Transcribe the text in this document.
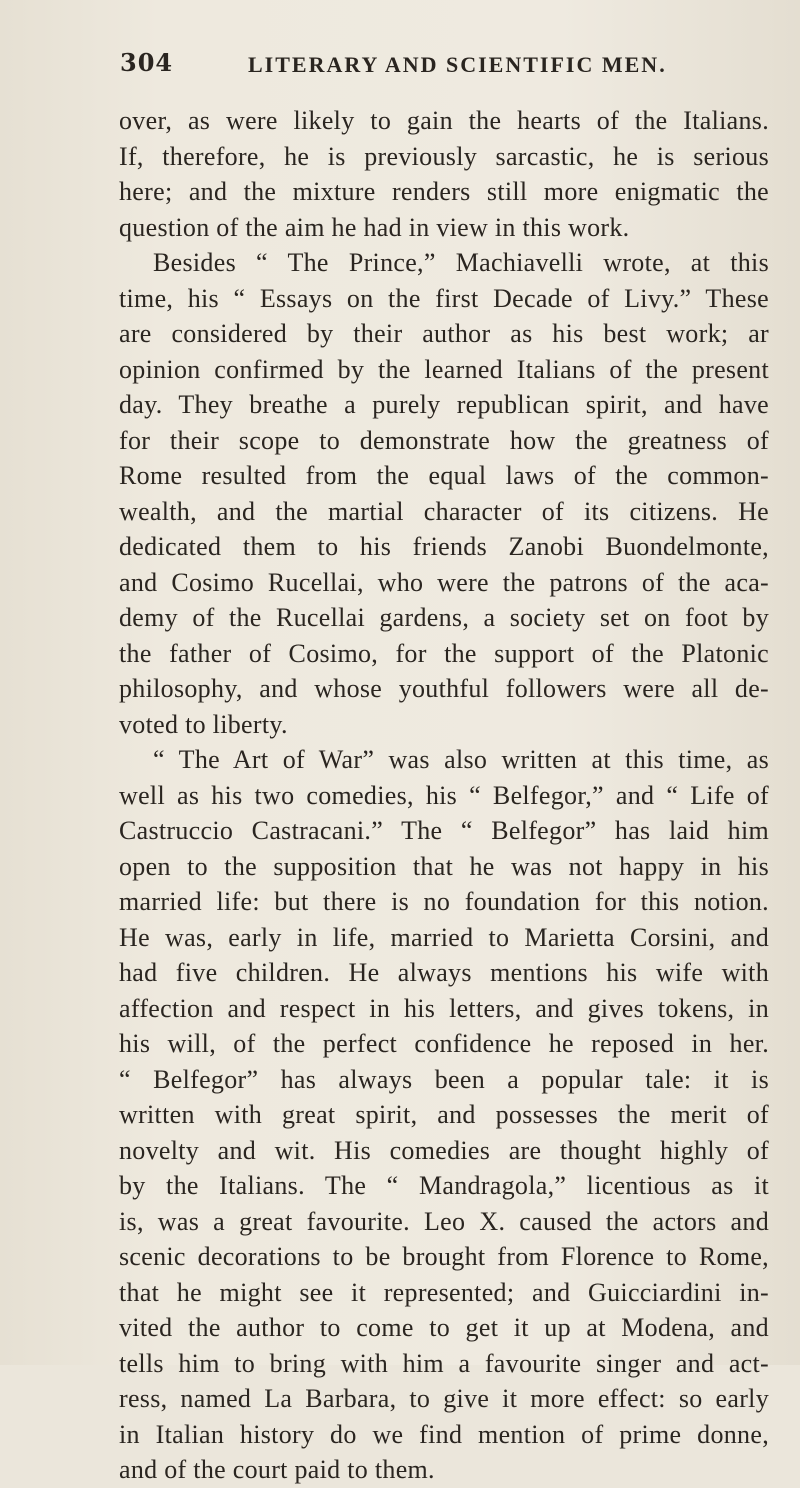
304	LITERARY AND SCIENTIFIC MEN.
over, as were likely to gain the hearts of the Italians.
If, therefore, he is previously sarcastic, he is serious
here; and the mixture renders still more enigmatic the
question of the aim he had in view in this work.
Besides “ The Prince,” Machiavelli wrote, at this
time, his “ Essays on the first Decade of Livy.” These
are considered by their author as his best work; ar
opinion confirmed by the learned Italians of the present
day. They breathe a purely republican spirit, and have
for their scope to demonstrate how the greatness of
Rome resulted from the equal laws of the common-
wealth, and the martial character of its citizens. He
dedicated them to his friends Zanobi Buondelmonte,
and Cosimo Rucellai, who were the patrons of the aca-
demy of the Rucellai gardens, a society set on foot by
the father of Cosimo, for the support of the Platonic
philosophy, and whose youthful followers were all de-
voted to liberty.
“ The Art of War” was also written at this time, as
well as his two comedies, his “ Belfegor,” and “ Life of
Castruccio Castracani.” The “ Belfegor” has laid him
open to the supposition that he was not happy in his
married life: but there is no foundation for this notion.
He was, early in life, married to Marietta Corsini, and
had five children. He always mentions his wife with
affection and respect in his letters, and gives tokens, in
his will, of the perfect confidence he reposed in her.
“ Belfegor” has always been a popular tale: it is
written with great spirit, and possesses the merit of
novelty and wit. His comedies are thought highly of
by the Italians. The “ Mandragola,” licentious as it
is, was a great favourite. Leo X. caused the actors and
scenic decorations to be brought from Florence to Rome,
that he might see it represented; and Guicciardini in-
vited the author to come to get it up at Modena, and
tells him to bring with him a favourite singer and act-
ress, named La Barbara, to give it more effect: so early
in Italian history do we find mention of prime donne,
and of the court paid to them.
